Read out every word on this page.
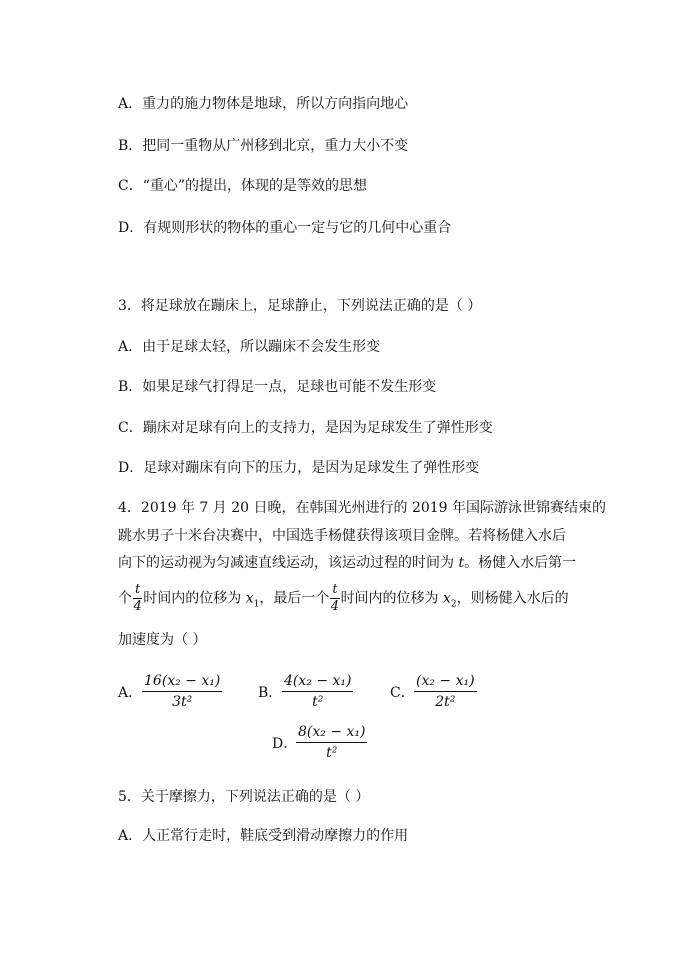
A．重力的施力物体是地球，所以方向指向地心
B．把同一重物从广州移到北京，重力大小不变
C．“重心”的提出，体现的是等效的思想
D．有规则形状的物体的重心一定与它的几何中心重合
3．将足球放在蹦床上，足球静止，下列说法正确的是（ ）
A．由于足球太轻，所以蹦床不会发生形变
B．如果足球气打得足一点，足球也可能不发生形变
C．蹦床对足球有向上的支持力，是因为足球发生了弹性形变
D．足球对蹦床有向下的压力，是因为足球发生了弹性形变
4．2019 年 7 月 20 日晚，在韩国光州进行的 2019 年国际游泳世锦赛结束的
跳水男子十米台决赛中，中国选手杨健获得该项目金牌。若将杨健入水后
向下的运动视为匀减速直线运动，该运动过程的时间为 t。杨健入水后第一
个 $\frac{t}{4}$ 时间内的位移为 $x_1$，最后一个 $\frac{t}{4}$ 时间内的位移为 $x_2$，则杨健入水后的
加速度为（ ）
A． $\frac{\text{16(x₂ − x₁)}}{\text{3t²}}$	B． $\frac{\text{4(x₂ − x₁)}}{\text{t²}}$	C． $\frac{\text{(x₂ − x₁)}}{\text{2t²}}$
D．
$\frac{\text{8(x₂ − x₁)}}{\text{t²}}$
5．关于摩擦力，下列说法正确的是（ ）
A．人正常行走时，鞋底受到滑动摩擦力的作用
